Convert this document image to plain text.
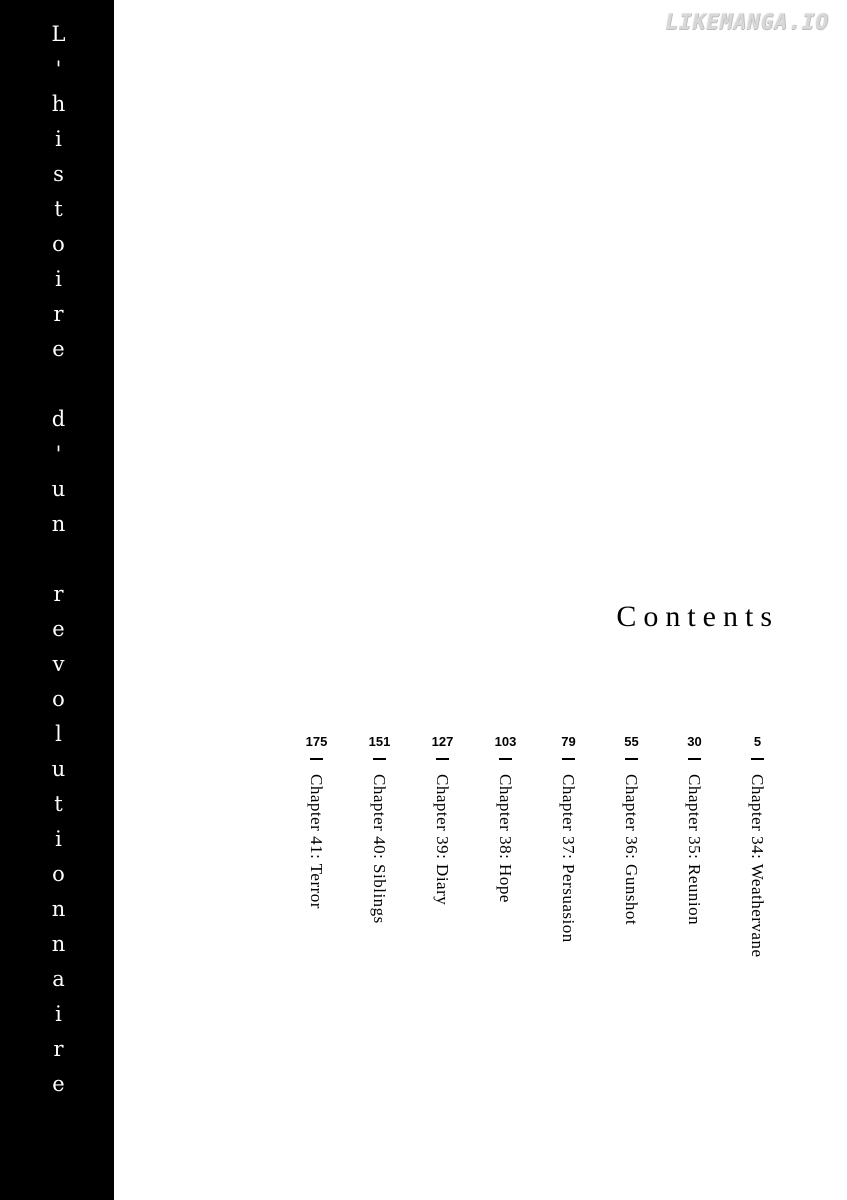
L'histoire d'un revolutionnaire	LIKEMANGA.IO
Contents
175
Chapter 41: Terror
151
Chapter 40: Siblings
127
Chapter 39: Diary
103
Chapter 38: Hope
79
Chapter 37: Persuasion
55
Chapter 36: Gunshot
30
Chapter 35: Reunion
5
Chapter 34: Weathervane
